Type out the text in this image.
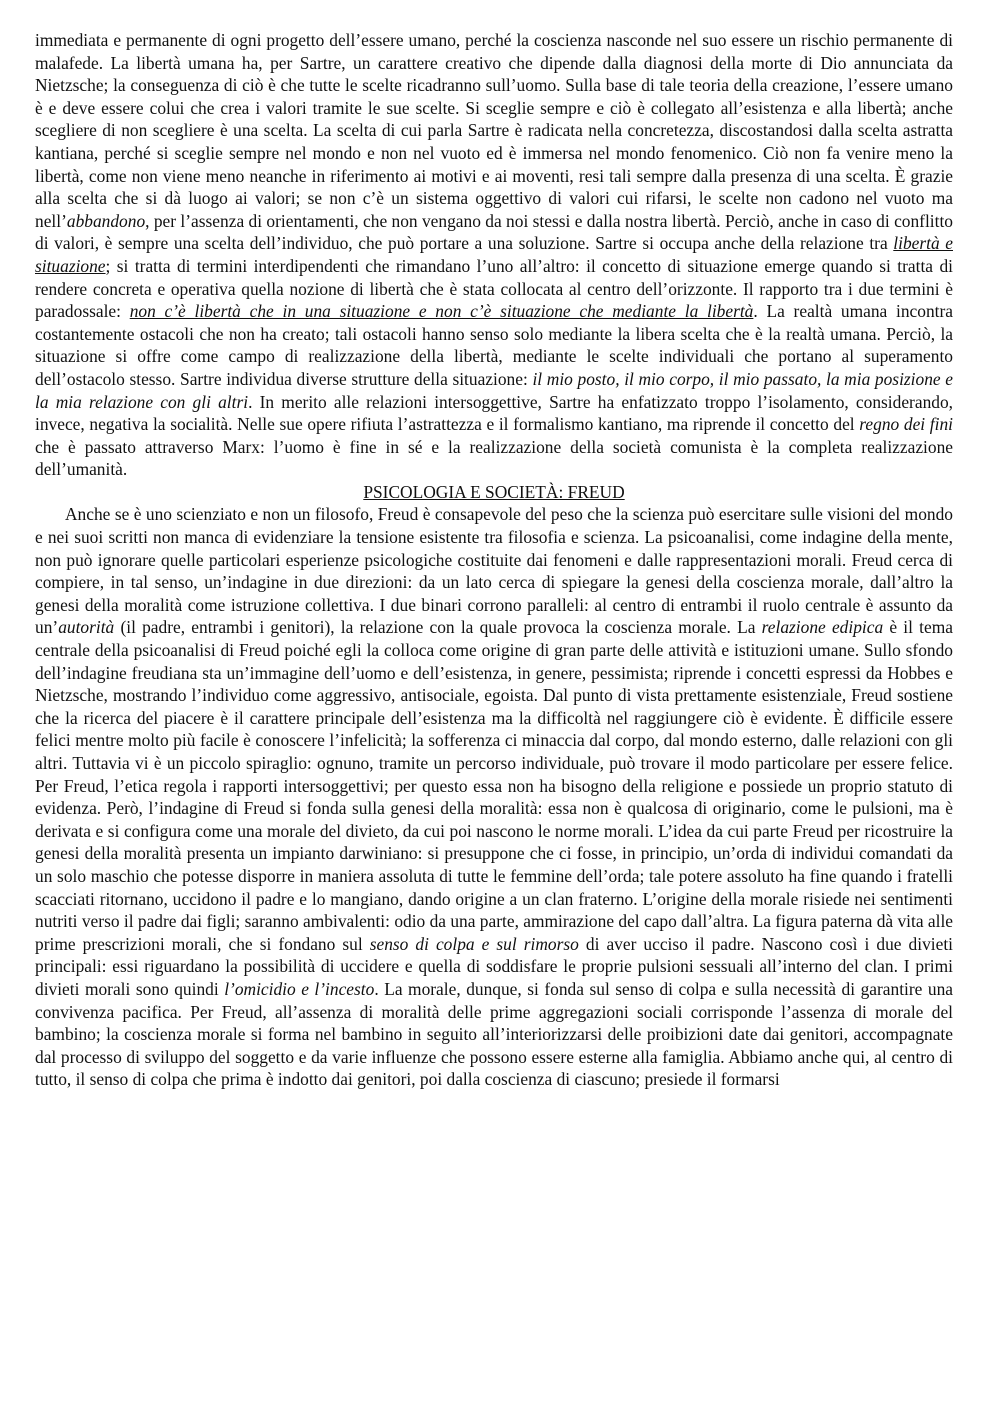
immediata e permanente di ogni progetto dell’essere umano, perché la coscienza nasconde nel suo essere un rischio permanente di malafede. La libertà umana ha, per Sartre, un carattere creativo che dipende dalla diagnosi della morte di Dio annunciata da Nietzsche; la conseguenza di ciò è che tutte le scelte ricadranno sull’uomo. Sulla base di tale teoria della creazione, l’essere umano è e deve essere colui che crea i valori tramite le sue scelte. Si sceglie sempre e ciò è collegato all’esistenza e alla libertà; anche scegliere di non scegliere è una scelta. La scelta di cui parla Sartre è radicata nella concretezza, discostandosi dalla scelta astratta kantiana, perché si sceglie sempre nel mondo e non nel vuoto ed è immersa nel mondo fenomenico. Ciò non fa venire meno la libertà, come non viene meno neanche in riferimento ai motivi e ai moventi, resi tali sempre dalla presenza di una scelta. È grazie alla scelta che si dà luogo ai valori; se non c’è un sistema oggettivo di valori cui rifarsi, le scelte non cadono nel vuoto ma nell’abbandono, per l’assenza di orientamenti, che non vengano da noi stessi e dalla nostra libertà. Perciò, anche in caso di conflitto di valori, è sempre una scelta dell’individuo, che può portare a una soluzione. Sartre si occupa anche della relazione tra libertà e situazione; si tratta di termini interdipendenti che rimandano l’uno all’altro: il concetto di situazione emerge quando si tratta di rendere concreta e operativa quella nozione di libertà che è stata collocata al centro dell’orizzonte. Il rapporto tra i due termini è paradossale: non c’è libertà che in una situazione e non c’è situazione che mediante la libertà. La realtà umana incontra costantemente ostacoli che non ha creato; tali ostacoli hanno senso solo mediante la libera scelta che è la realtà umana. Perciò, la situazione si offre come campo di realizzazione della libertà, mediante le scelte individuali che portano al superamento dell’ostacolo stesso. Sartre individua diverse strutture della situazione: il mio posto, il mio corpo, il mio passato, la mia posizione e la mia relazione con gli altri. In merito alle relazioni intersoggettive, Sartre ha enfatizzato troppo l’isolamento, considerando, invece, negativa la socialità. Nelle sue opere rifiuta l’astrattezza e il formalismo kantiano, ma riprende il concetto del regno dei fini che è passato attraverso Marx: l’uomo è fine in sé e la realizzazione della società comunista è la completa realizzazione dell’umanità.

PSICOLOGIA E SOCIETÀ: FREUD

Anche se è uno scienziato e non un filosofo, Freud è consapevole del peso che la scienza può esercitare sulle visioni del mondo e nei suoi scritti non manca di evidenziare la tensione esistente tra filosofia e scienza. La psicoanalisi, come indagine della mente, non può ignorare quelle particolari esperienze psicologiche costituite dai fenomeni e dalle rappresentazioni morali. Freud cerca di compiere, in tal senso, un’indagine in due direzioni: da un lato cerca di spiegare la genesi della coscienza morale, dall’altro la genesi della moralità come istruzione collettiva. I due binari corrono paralleli: al centro di entrambi il ruolo centrale è assunto da un’autorità (il padre, entrambi i genitori), la relazione con la quale provoca la coscienza morale. La relazione edipica è il tema centrale della psicoanalisi di Freud poiché egli la colloca come origine di gran parte delle attività e istituzioni umane. Sullo sfondo dell’indagine freudiana sta un’immagine dell’uomo e dell’esistenza, in genere, pessimista; riprende i concetti espressi da Hobbes e Nietzsche, mostrando l’individuo come aggressivo, antisociale, egoista. Dal punto di vista prettamente esistenziale, Freud sostiene che la ricerca del piacere è il carattere principale dell’esistenza ma la difficoltà nel raggiungere ciò è evidente. È difficile essere felici mentre molto più facile è conoscere l’infelicità; la sofferenza ci minaccia dal corpo, dal mondo esterno, dalle relazioni con gli altri. Tuttavia vi è un piccolo spiraglio: ognuno, tramite un percorso individuale, può trovare il modo particolare per essere felice. Per Freud, l’etica regola i rapporti intersoggettivi; per questo essa non ha bisogno della religione e possiede un proprio statuto di evidenza. Però, l’indagine di Freud si fonda sulla genesi della moralità: essa non è qualcosa di originario, come le pulsioni, ma è derivata e si configura come una morale del divieto, da cui poi nascono le norme morali. L’idea da cui parte Freud per ricostruire la genesi della moralità presenta un impianto darwiniano: si presuppone che ci fosse, in principio, un’orda di individui comandati da un solo maschio che potesse disporre in maniera assoluta di tutte le femmine dell’orda; tale potere assoluto ha fine quando i fratelli scacciati ritornano, uccidono il padre e lo mangiano, dando origine a un clan fraterno. L’origine della morale risiede nei sentimenti nutriti verso il padre dai figli; saranno ambivalenti: odio da una parte, ammirazione del capo dall’altra. La figura paterna dà vita alle prime prescrizioni morali, che si fondano sul senso di colpa e sul rimorso di aver ucciso il padre. Nascono così i due divieti principali: essi riguardano la possibilità di uccidere e quella di soddisfare le proprie pulsioni sessuali all’interno del clan. I primi divieti morali sono quindi l’omicidio e l’incesto. La morale, dunque, si fonda sul senso di colpa e sulla necessità di garantire una convivenza pacifica. Per Freud, all’assenza di moralità delle prime aggregazioni sociali corrisponde l’assenza di morale del bambino; la coscienza morale si forma nel bambino in seguito all’interiorizzarsi delle proibizioni date dai genitori, accompagnate dal processo di sviluppo del soggetto e da varie influenze che possono essere esterne alla famiglia. Abbiamo anche qui, al centro di tutto, il senso di colpa che prima è indotto dai genitori, poi dalla coscienza di ciascuno; presiede il formarsi
